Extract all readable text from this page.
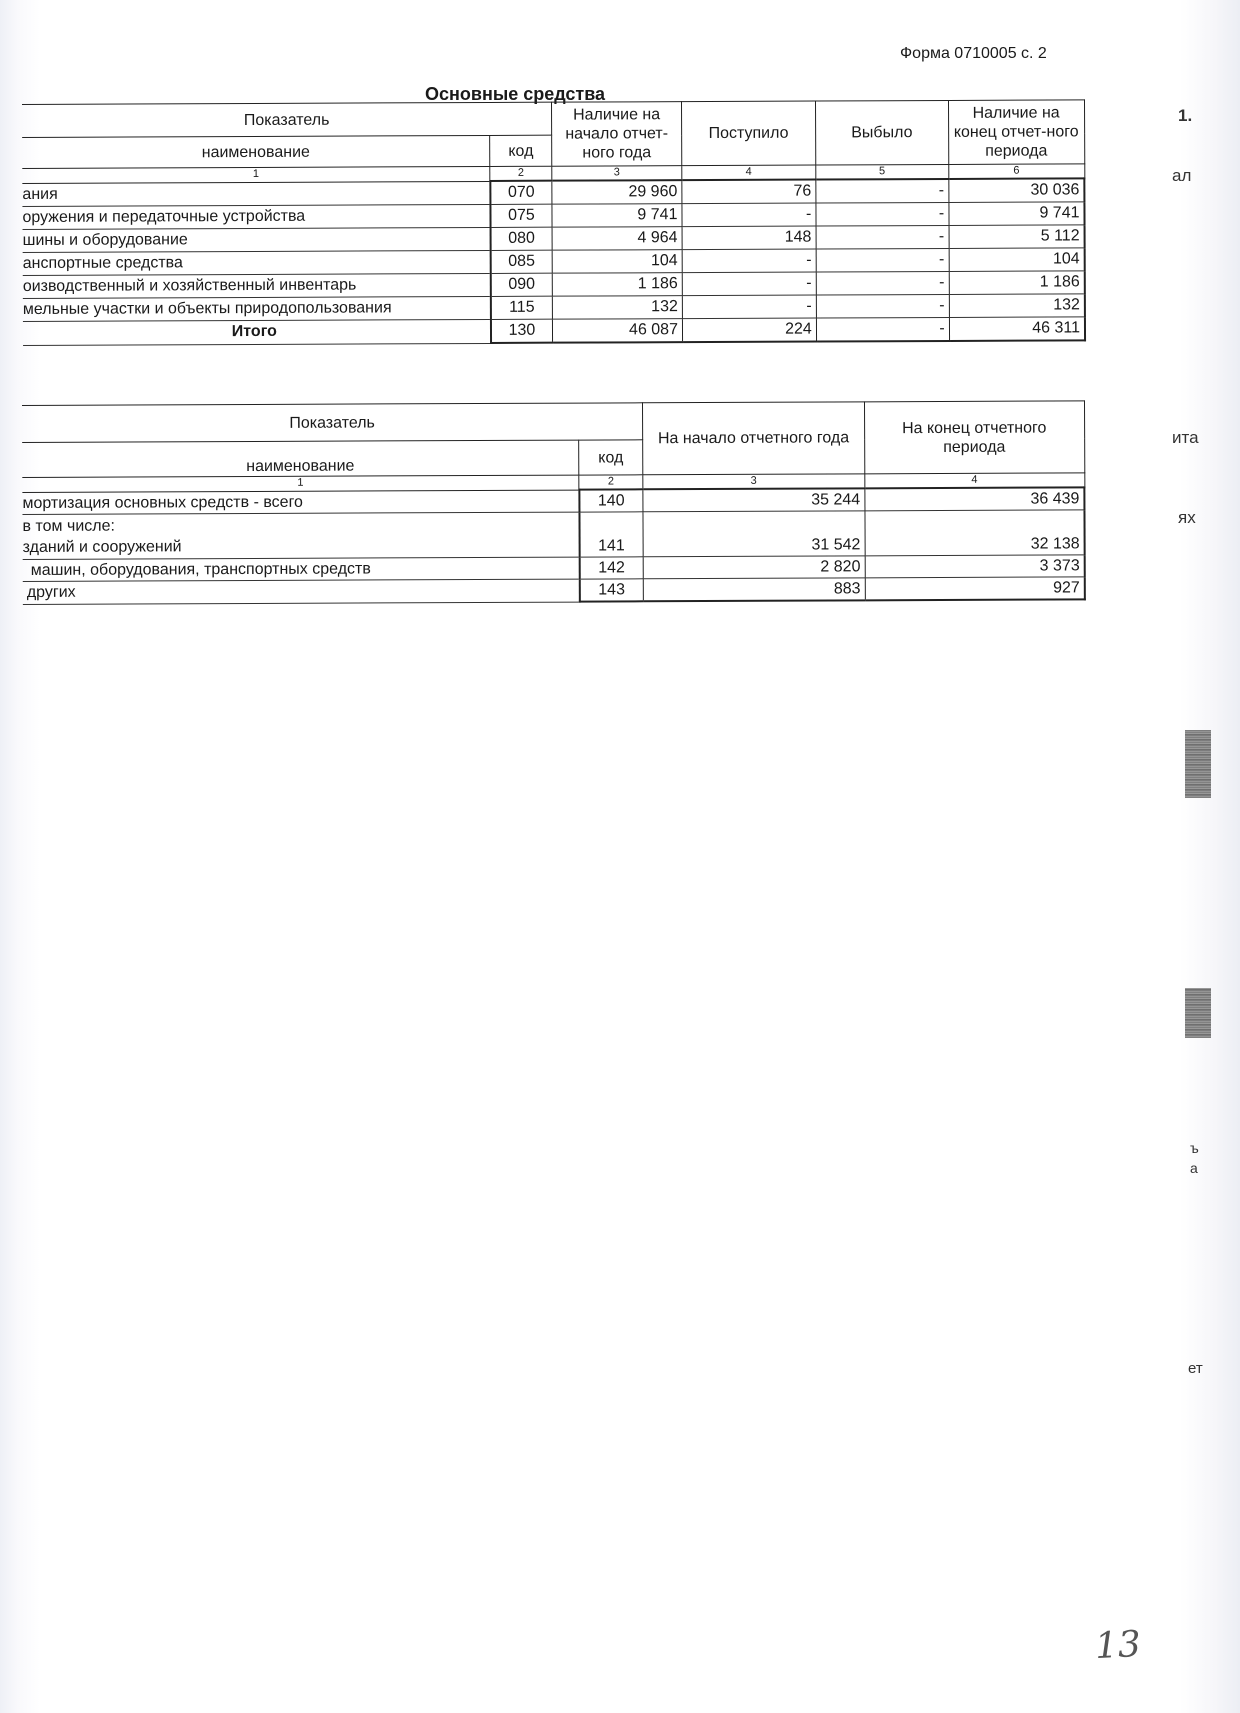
Форма 0710005 с. 2
Основные средства
Показатель		Наличие на начало отчет-ного года	Поступило	Выбыло	Наличие на конец отчет-ного периода
наименование	код				
1	2	3	4	5	6
ания	070	29 960	76	-	30 036
оружения и передаточные устройства	075	9 741	-	-	9 741
шины и оборудование	080	4 964	148	-	5 112
анспортные средства	085	104	-	-	104
оизводственный и хозяйственный инвентарь	090	1 186	-	-	1 186
мельные участки и объекты природопользования	115	132	-	-	132
Итого	130	46 087	224	-	46 311
Показатель		На начало отчетного года	На конец отчетного периода
наименование	код		
1	2	3	4
мортизация основных средств - всего	140	35 244	36 439

в том числе:
зданий и сооружений	141	31 542	32 138
машин, оборудования, транспортных средств	142	2 820	3 373
других	143	883	927
1.
ал
ита
ях
ъ
а
ет
13
